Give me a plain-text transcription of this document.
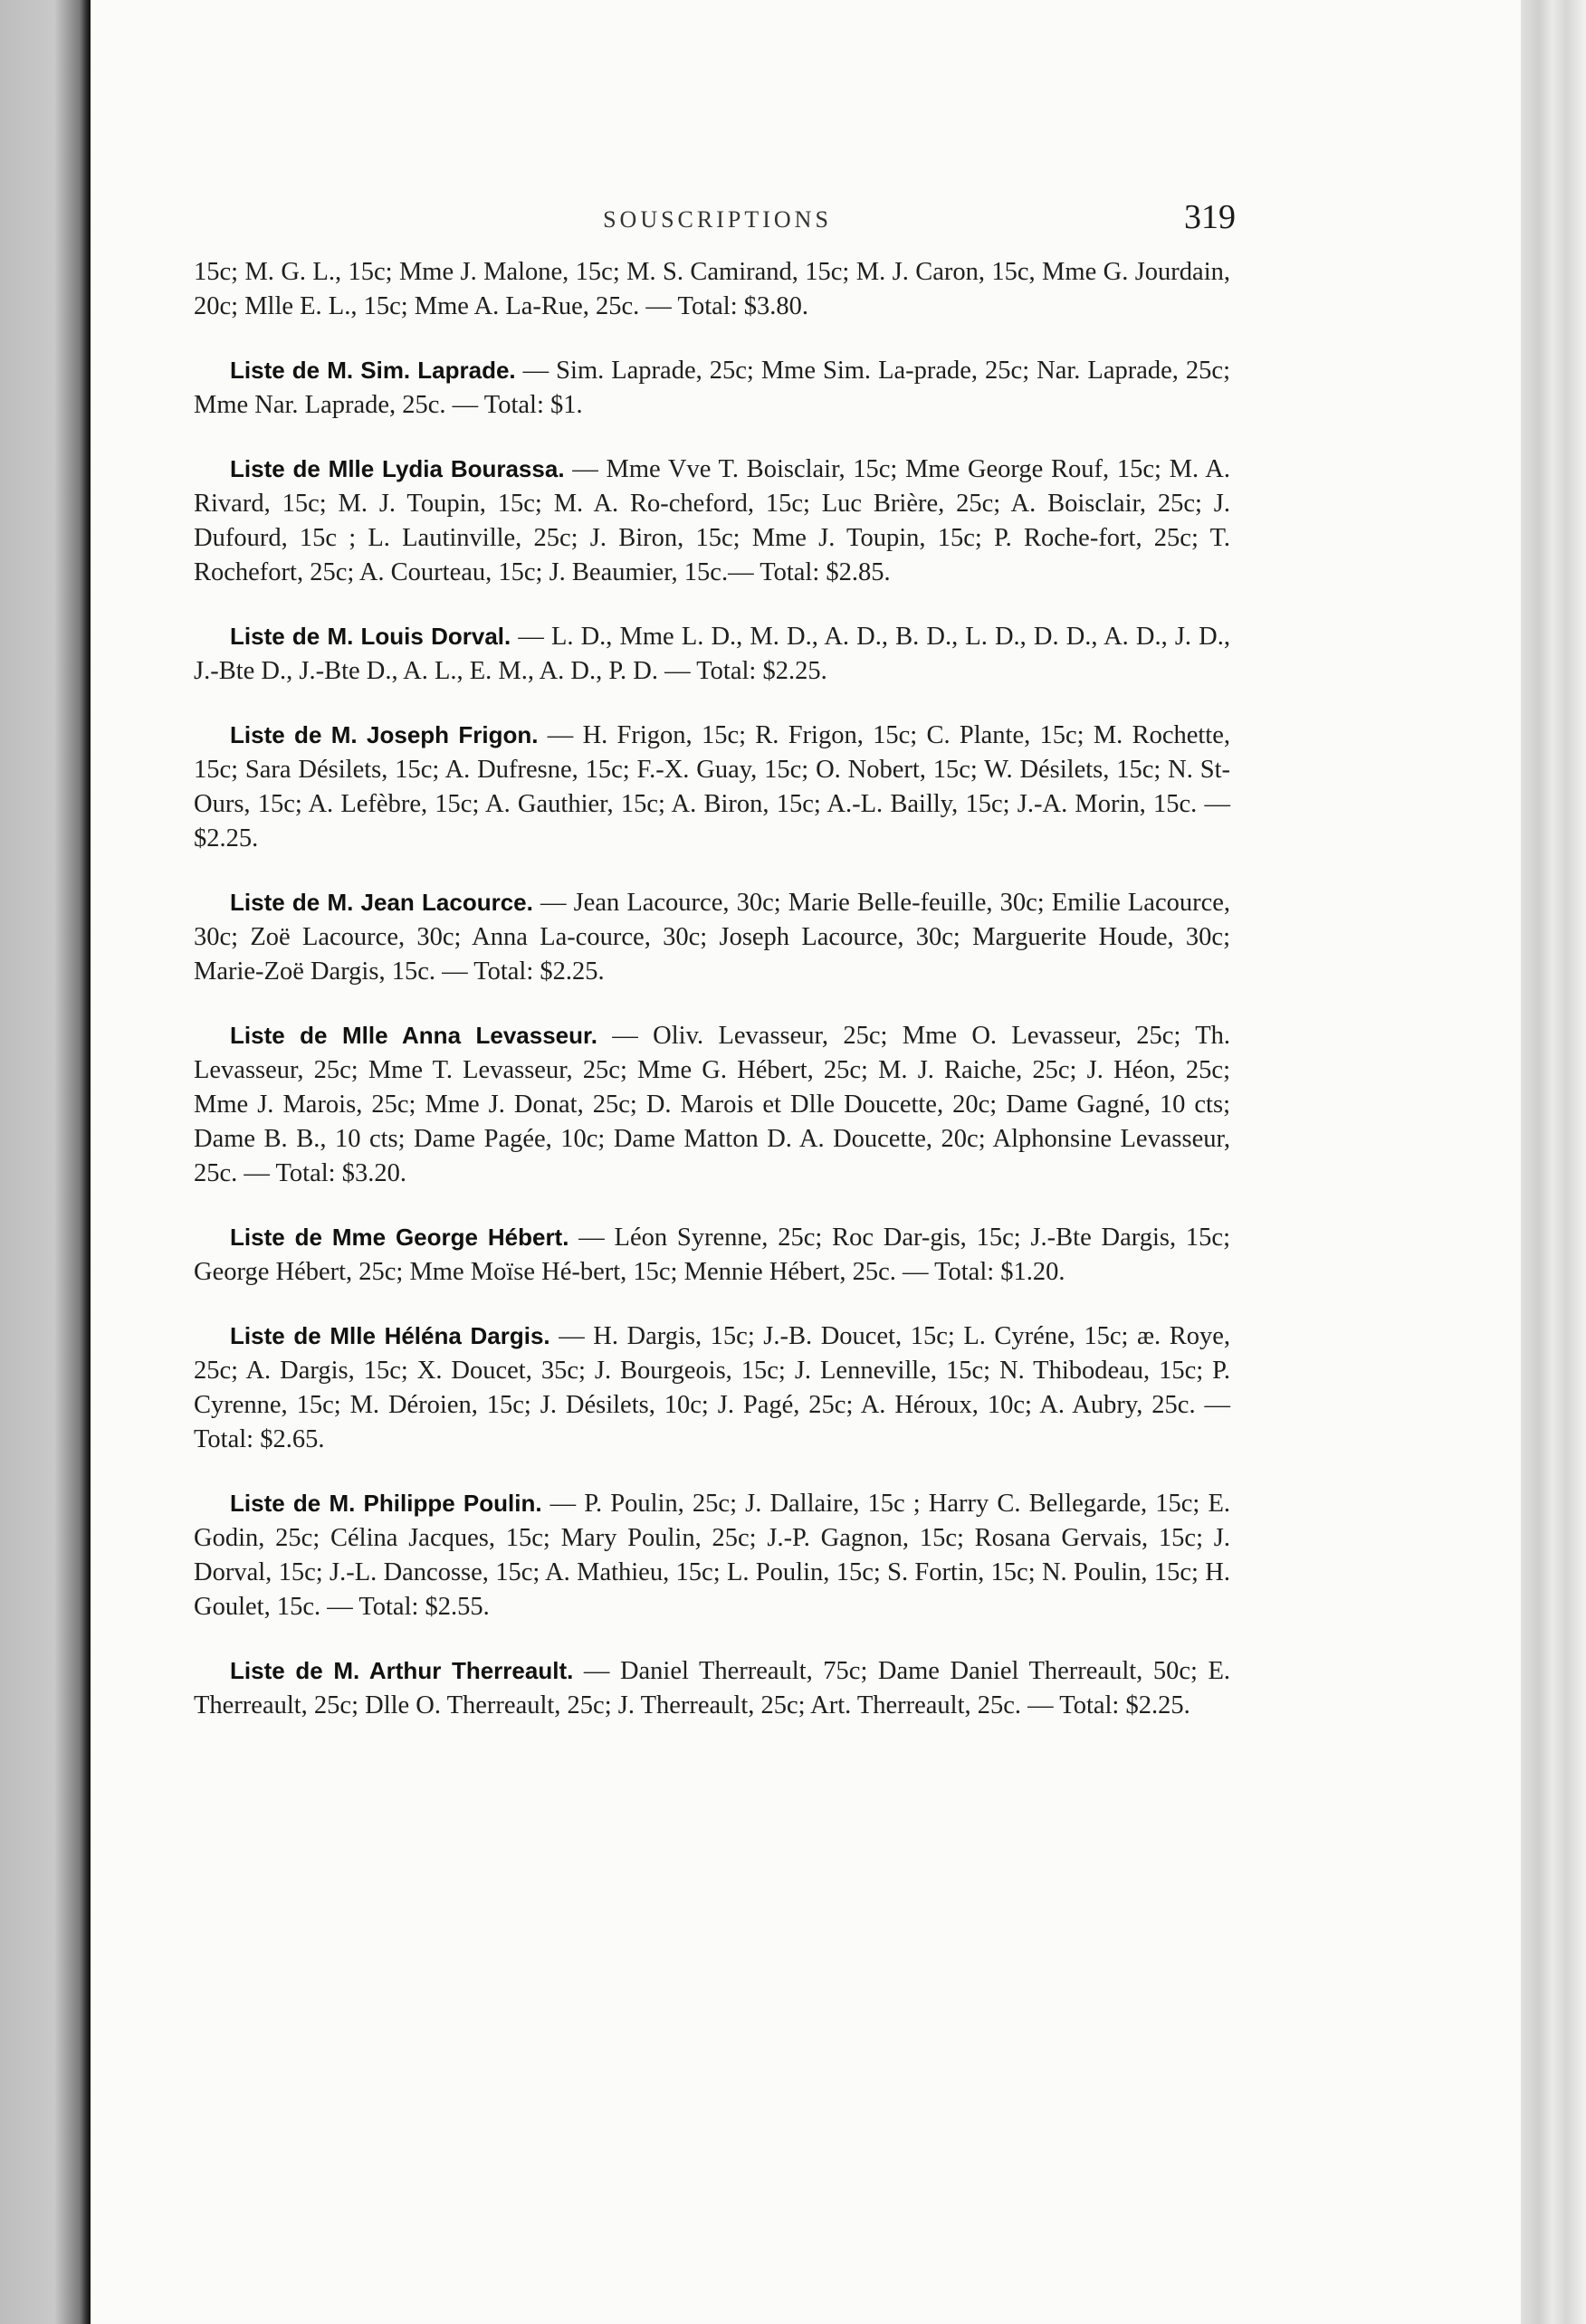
SOUSCRIPTIONS	319

15c; M. G. L., 15c; Mme J. Malone, 15c; M. S. Camirand, 15c; M. J. Caron, 15c, Mme G. Jourdain, 20c; Mlle E. L., 15c; Mme A. La-Rue, 25c. — Total: $3.80.

Liste de M. Sim. Laprade. — Sim. Laprade, 25c; Mme Sim. La-prade, 25c; Nar. Laprade, 25c; Mme Nar. Laprade, 25c. — Total: $1.

Liste de Mlle Lydia Bourassa. — Mme Vve T. Boisclair, 15c; Mme George Rouf, 15c; M. A. Rivard, 15c; M. J. Toupin, 15c; M. A. Ro-cheford, 15c; Luc Brière, 25c; A. Boisclair, 25c; J. Dufourd, 15c ; L. Lautinville, 25c; J. Biron, 15c; Mme J. Toupin, 15c; P. Roche-fort, 25c; T. Rochefort, 25c; A. Courteau, 15c; J. Beaumier, 15c.— Total: $2.85.

Liste de M. Louis Dorval. — L. D., Mme L. D., M. D., A. D., B. D., L. D., D. D., A. D., J. D., J.-Bte D., J.-Bte D., A. L., E. M., A. D., P. D. — Total: $2.25.

Liste de M. Joseph Frigon. — H. Frigon, 15c; R. Frigon, 15c; C. Plante, 15c; M. Rochette, 15c; Sara Désilets, 15c; A. Dufresne, 15c; F.-X. Guay, 15c; O. Nobert, 15c; W. Désilets, 15c; N. St-Ours, 15c; A. Lefèbre, 15c; A. Gauthier, 15c; A. Biron, 15c; A.-L. Bailly, 15c; J.-A. Morin, 15c. — $2.25.

Liste de M. Jean Lacource. — Jean Lacource, 30c; Marie Belle-feuille, 30c; Emilie Lacource, 30c; Zoë Lacource, 30c; Anna La-cource, 30c; Joseph Lacource, 30c; Marguerite Houde, 30c; Marie-Zoë Dargis, 15c. — Total: $2.25.

Liste de Mlle Anna Levasseur. — Oliv. Levasseur, 25c; Mme O. Levasseur, 25c; Th. Levasseur, 25c; Mme T. Levasseur, 25c; Mme G. Hébert, 25c; M. J. Raiche, 25c; J. Héon, 25c; Mme J. Marois, 25c; Mme J. Donat, 25c; D. Marois et Dlle Doucette, 20c; Dame Gagné, 10 cts; Dame B. B., 10 cts; Dame Pagée, 10c; Dame Matton D. A. Doucette, 20c; Alphonsine Levasseur, 25c. — Total: $3.20.

Liste de Mme George Hébert. — Léon Syrenne, 25c; Roc Dar-gis, 15c; J.-Bte Dargis, 15c; George Hébert, 25c; Mme Moïse Hé-bert, 15c; Mennie Hébert, 25c. — Total: $1.20.

Liste de Mlle Héléna Dargis. — H. Dargis, 15c; J.-B. Doucet, 15c; L. Cyréne, 15c; æ. Roye, 25c; A. Dargis, 15c; X. Doucet, 35c; J. Bourgeois, 15c; J. Lenneville, 15c; N. Thibodeau, 15c; P. Cyrenne, 15c; M. Déroien, 15c; J. Désilets, 10c; J. Pagé, 25c; A. Héroux, 10c; A. Aubry, 25c. — Total: $2.65.

Liste de M. Philippe Poulin. — P. Poulin, 25c; J. Dallaire, 15c ; Harry C. Bellegarde, 15c; E. Godin, 25c; Célina Jacques, 15c; Mary Poulin, 25c; J.-P. Gagnon, 15c; Rosana Gervais, 15c; J. Dorval, 15c; J.-L. Dancosse, 15c; A. Mathieu, 15c; L. Poulin, 15c; S. Fortin, 15c; N. Poulin, 15c; H. Goulet, 15c. — Total: $2.55.

Liste de M. Arthur Therreault. — Daniel Therreault, 75c; Dame Daniel Therreault, 50c; E. Therreault, 25c; Dlle O. Therreault, 25c; J. Therreault, 25c; Art. Therreault, 25c. — Total: $2.25.
